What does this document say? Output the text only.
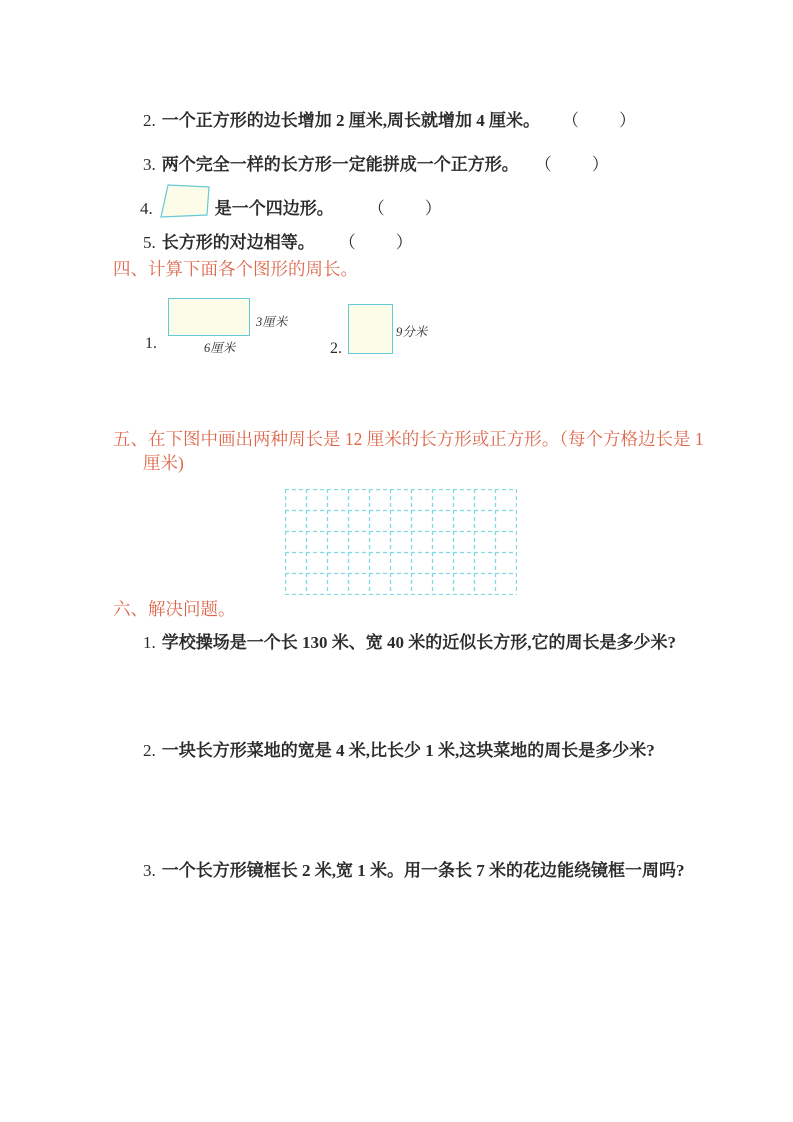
2. 一个正方形的边长增加 2 厘米,周长就增加 4 厘米。 （　　）
3. 两个完全一样的长方形一定能拼成一个正方形。 （　　）
4.	是一个四边形。 （　　）
5. 长方形的对边相等。 （　　）
四、计算下面各个图形的周长。
3厘米
1.	6厘米
9分米
2.
五、在下图中画出两种周长是 12 厘米的长方形或正方形。（每个方格边长是 1
厘米)
六、解决问题。
1. 学校操场是一个长 130 米、宽 40 米的近似长方形,它的周长是多少米?
2. 一块长方形菜地的宽是 4 米,比长少 1 米,这块菜地的周长是多少米?
3. 一个长方形镜框长 2 米,宽 1 米。用一条长 7 米的花边能绕镜框一周吗?
